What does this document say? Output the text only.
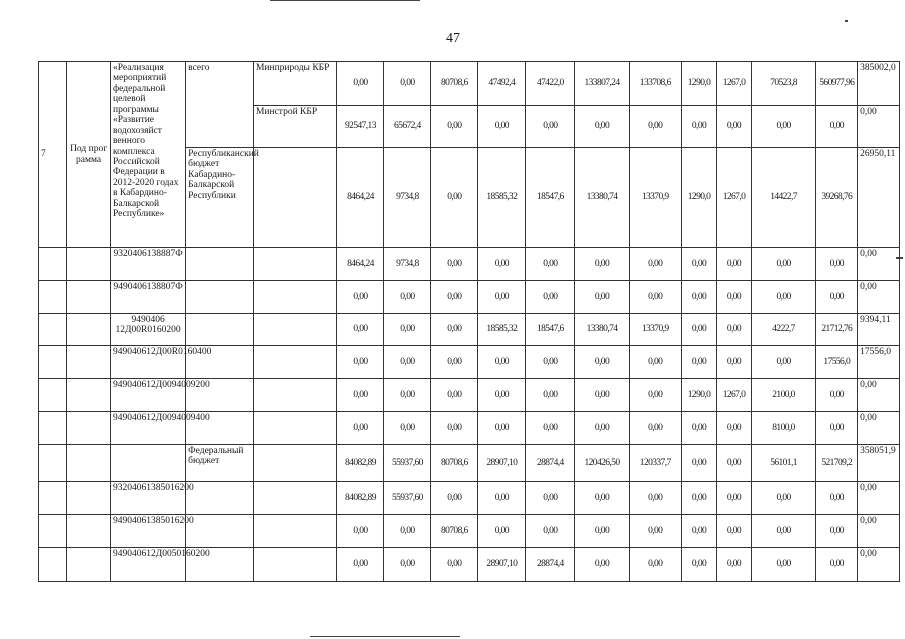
47
7	Под прог рамма	«Реализация мероприятий федеральной целевой программы «Развитие водохозяйст венного комплекса Российской Федерации в 2012-2020 годах в Кабардино-Балкарской Республике»	всего	Минприроды КБР	0,00	0,00	80708,6	47492,4	47422,0	133807,24	133708,6	1290,0	1267,0	70523,8	560977,96	385002,0
				Минстрой КБР	92547,13	65672,4	0,00	0,00	0,00	0,00	0,00	0,00	0,00	0,00	0,00	0,00
			Республиканский бюджет Кабардино-Балкарской Республики		8464,24	9734,8	0,00	18585,32	18547,6	13380,74	13370,9	1290,0	1267,0	14422,7	39268,76	26950,11
		9320406138887Ф			8464,24	9734,8	0,00	0,00	0,00	0,00	0,00	0,00	0,00	0,00	0,00	0,00
		9490406138807Ф			0,00	0,00	0,00	0,00	0,00	0,00	0,00	0,00	0,00	0,00	0,00	0,00
		9490406 12Д00R0160200			0,00	0,00	0,00	18585,32	18547,6	13380,74	13370,9	0,00	0,00	4222,7	21712,76	9394,11
		949040612Д00R0160400			0,00	0,00	0,00	0,00	0,00	0,00	0,00	0,00	0,00	0,00	17556,0	17556,0
		949040612Д0094009200			0,00	0,00	0,00	0,00	0,00	0,00	0,00	1290,0	1267,0	2100,0	0,00	0,00
		949040612Д0094009400			0,00	0,00	0,00	0,00	0,00	0,00	0,00	0,00	0,00	8100,0	0,00	0,00
			Федеральный бюджет		84082,89	55937,60	80708,6	28907,10	28874,4	120426,50	120337,7	0,00	0,00	56101,1	521709,2	358051,9
		93204061385016200			84082,89	55937,60	0,00	0,00	0,00	0,00	0,00	0,00	0,00	0,00	0,00	0,00
		94904061385016200			0,00	0,00	80708,6	0,00	0,00	0,00	0,00	0,00	0,00	0,00	0,00	0,00
		949040612Д0050160200			0,00	0,00	0,00	28907,10	28874,4	0,00	0,00	0,00	0,00	0,00	0,00	0,00
